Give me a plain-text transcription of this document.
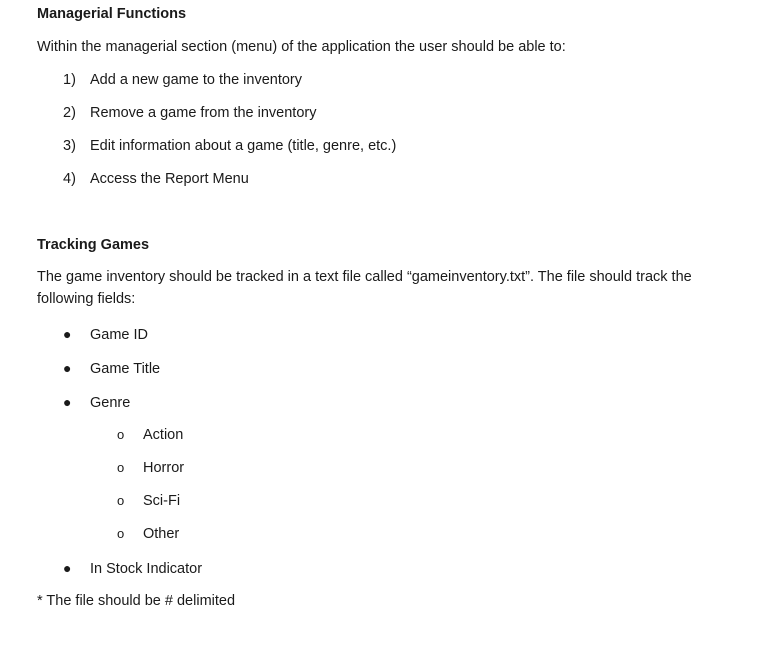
Managerial Functions
Within the managerial section (menu) of the application the user should be able to:
1) Add a new game to the inventory
2) Remove a game from the inventory
3) Edit information about a game (title, genre, etc.)
4) Access the Report Menu
Tracking Games
The game inventory should be tracked in a text file called “gameinventory.txt”. The file should track the following fields:
● Game ID
● Game Title
● Genre
o Action
o Horror
o Sci-Fi
o Other
● In Stock Indicator
* The file should be # delimited
